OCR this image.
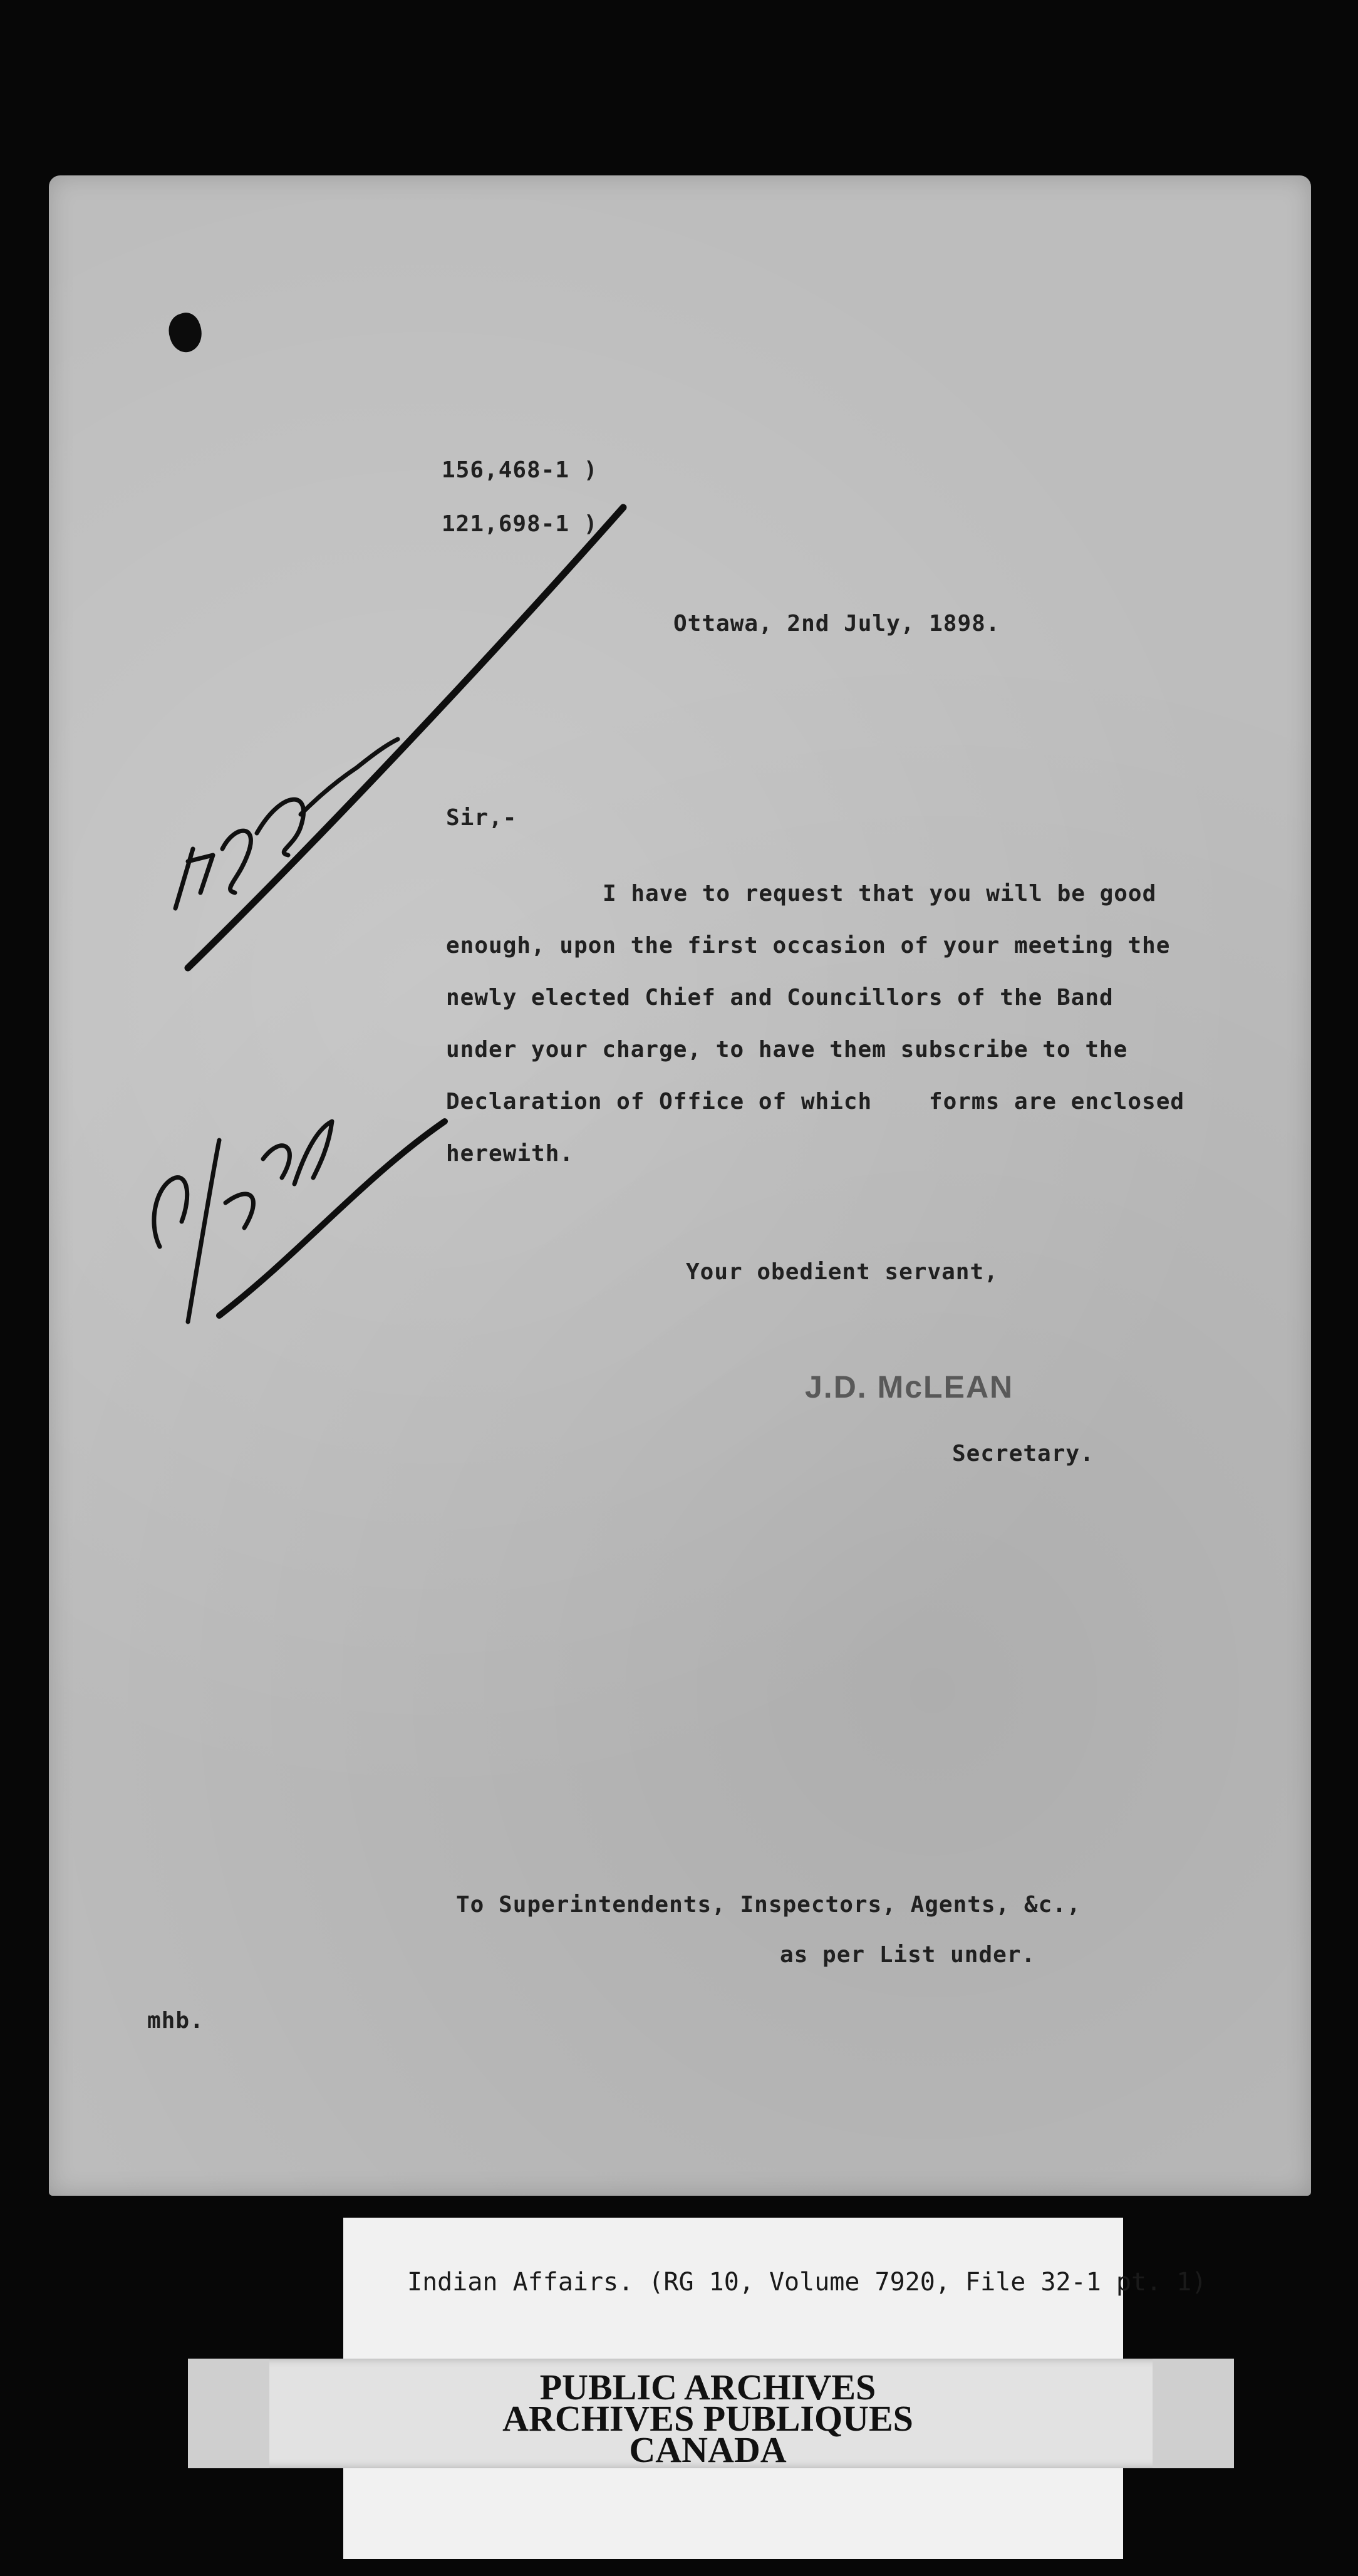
156,468-1 )

121,698-1 )

Ottawa, 2nd July, 1898.

Sir,-

I have to request that you will be good
enough, upon the first occasion of your meeting the
newly elected Chief and Councillors of the Band
under your charge, to have them subscribe to the
Declaration of Office of which    forms are enclosed
herewith.

Your obedient servant,

J.D. McLEAN

Secretary.

To Superintendents, Inspectors, Agents, &c.,

as per List under.

mhb.

Indian Affairs. (RG 10, Volume 7920, File 32-1 pt. 1)

PUBLIC ARCHIVES

ARCHIVES PUBLIQUES

CANADA
